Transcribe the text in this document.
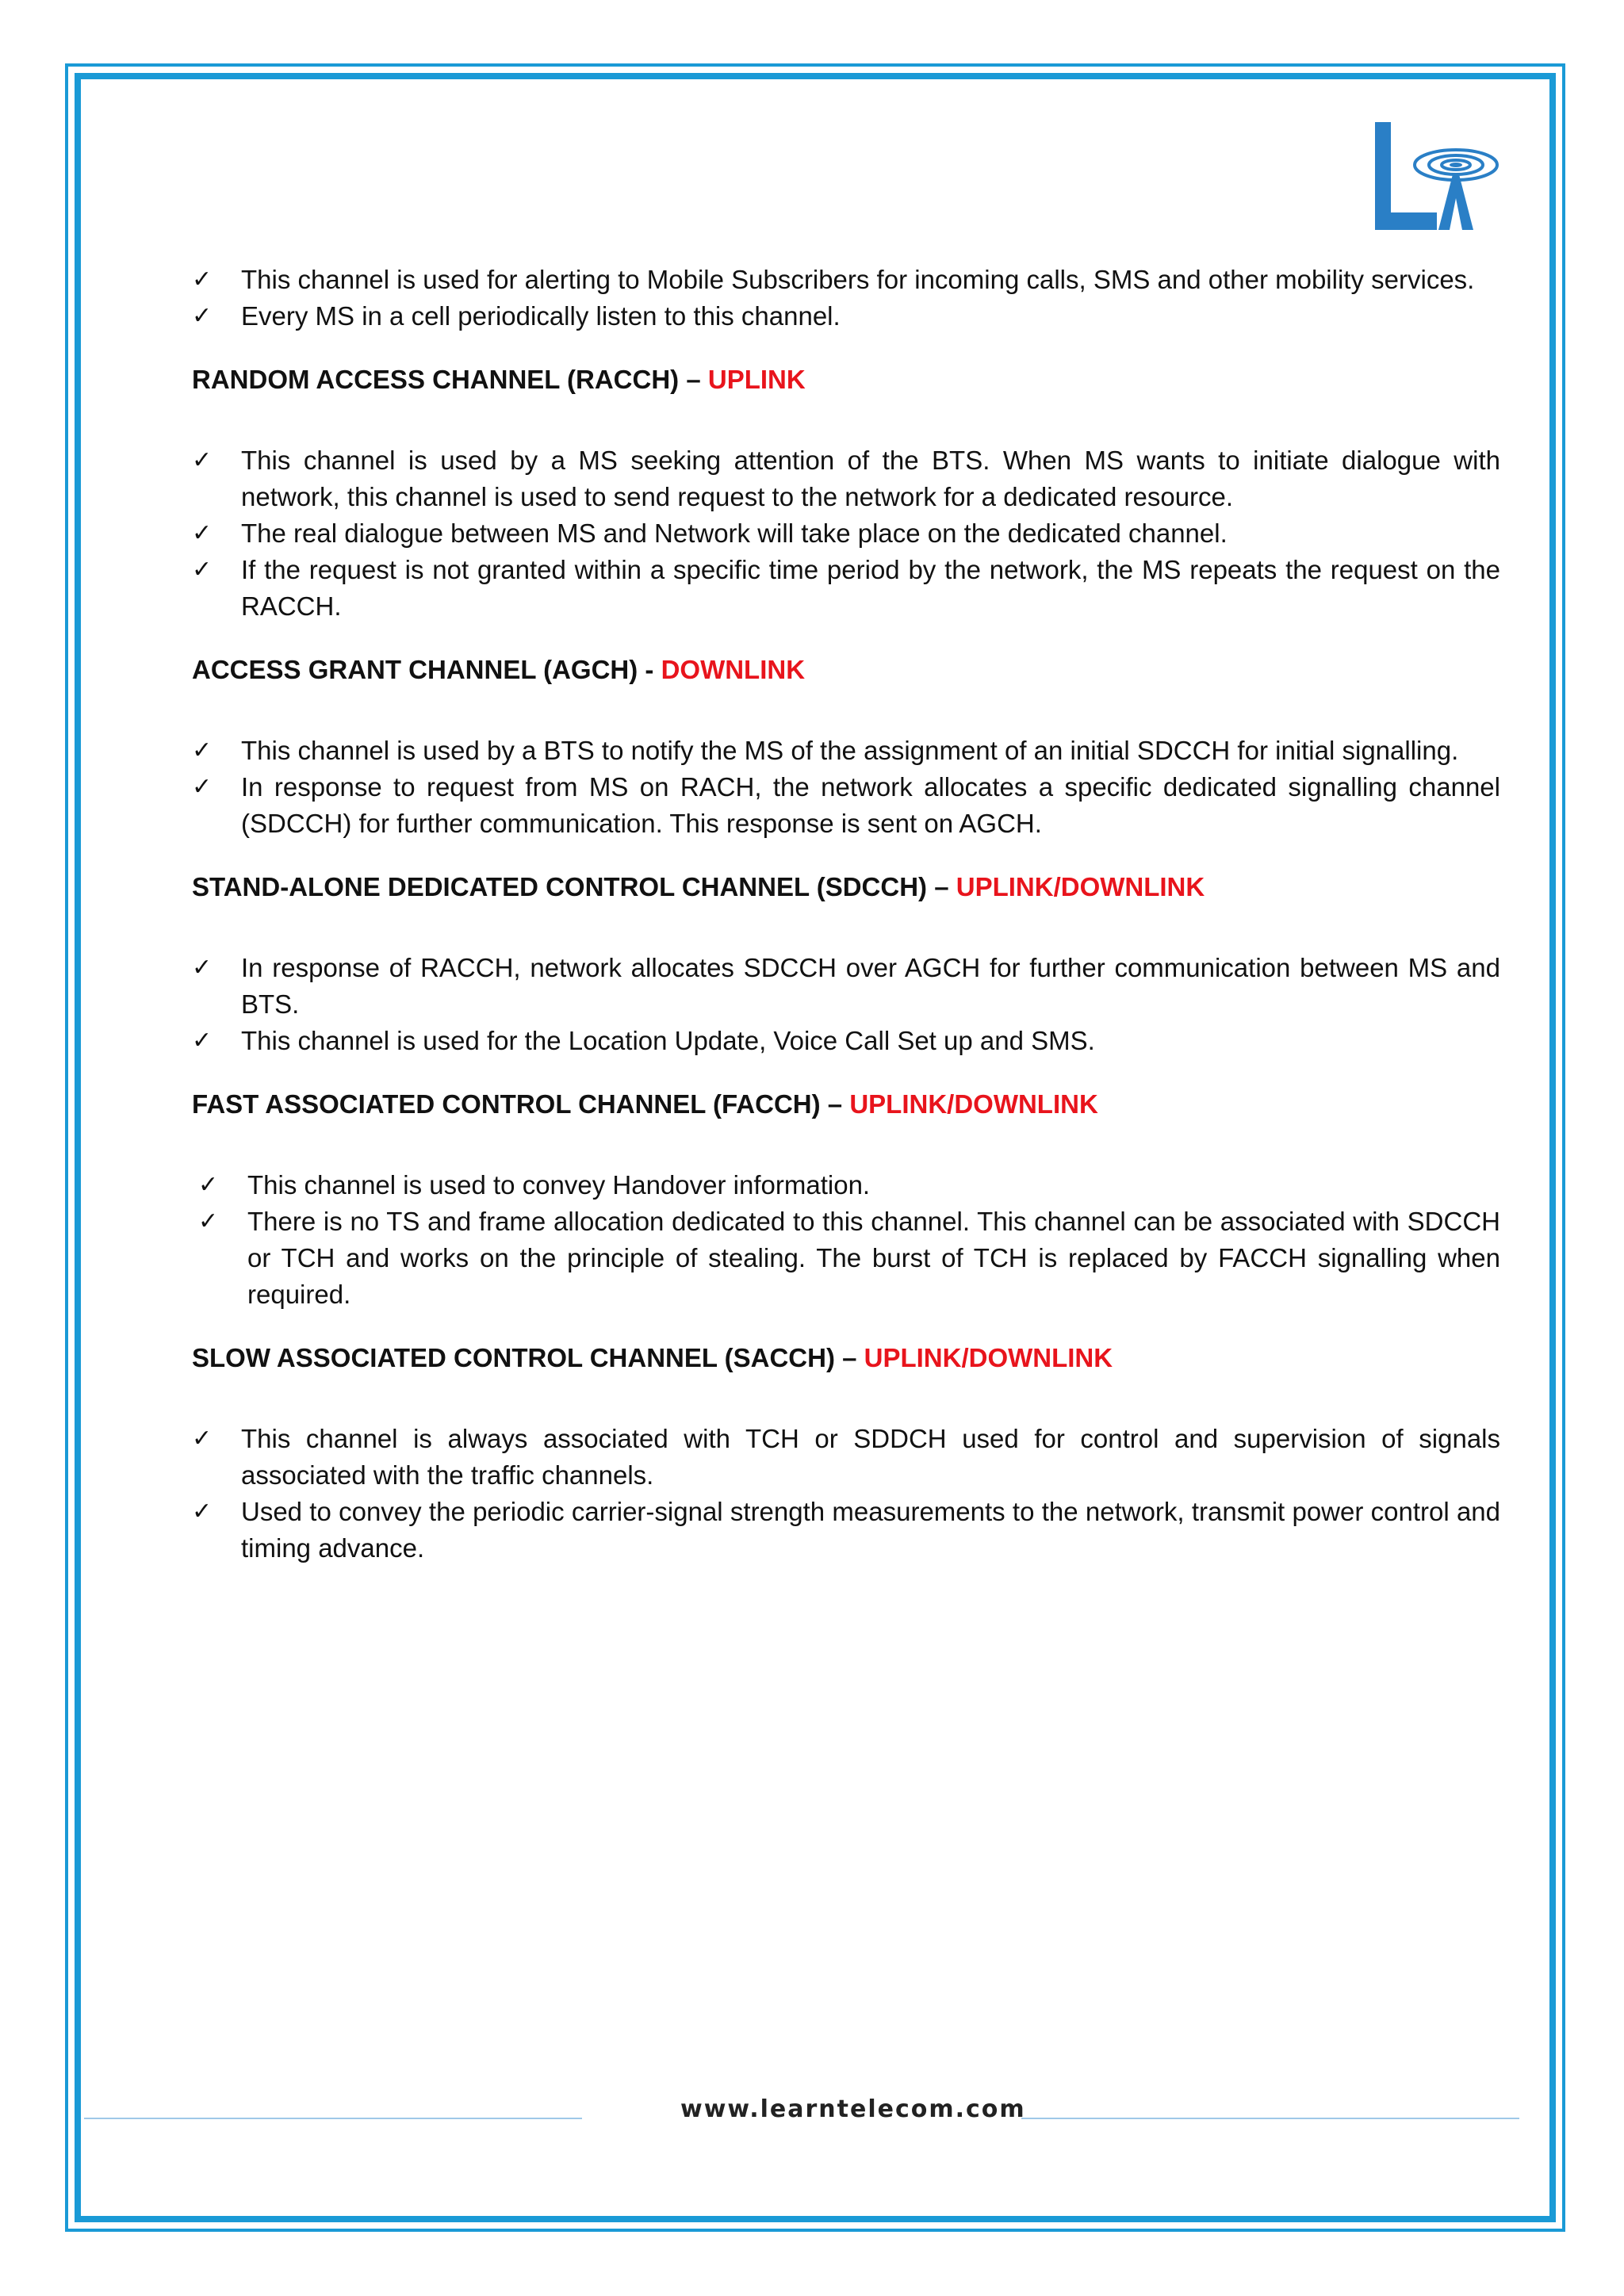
✓ This channel is used for alerting to Mobile Subscribers for incoming calls, SMS and other mobility services.
✓ Every MS in a cell periodically listen to this channel.
RANDOM ACCESS CHANNEL (RACCH) – UPLINK
✓ This channel is used by a MS seeking attention of the BTS. When MS wants to initiate dialogue with network, this channel is used to send request to the network for a dedicated resource.
✓ The real dialogue between MS and Network will take place on the dedicated channel.
✓ If the request is not granted within a specific time period by the network, the MS repeats the request on the RACCH.
ACCESS GRANT CHANNEL (AGCH) - DOWNLINK
✓ This channel is used by a BTS to notify the MS of the assignment of an initial SDCCH for initial signalling.
✓ In response to request from MS on RACH, the network allocates a specific dedicated signalling channel (SDCCH) for further communication. This response is sent on AGCH.
STAND-ALONE DEDICATED CONTROL CHANNEL (SDCCH) – UPLINK/DOWNLINK
✓ In response of RACCH, network allocates SDCCH over AGCH for further communication between MS and BTS.
✓ This channel is used for the Location Update, Voice Call Set up and SMS.
FAST ASSOCIATED CONTROL CHANNEL (FACCH) – UPLINK/DOWNLINK
✓ This channel is used to convey Handover information.
✓ There is no TS and frame allocation dedicated to this channel. This channel can be associated with SDCCH or TCH and works on the principle of stealing. The burst of TCH is replaced by FACCH signalling when required.
SLOW ASSOCIATED CONTROL CHANNEL (SACCH) – UPLINK/DOWNLINK
✓ This channel is always associated with TCH or SDDCH used for control and supervision of signals associated with the traffic channels.
✓ Used to convey the periodic carrier-signal strength measurements to the network, transmit power control and timing advance.
www.learntelecom.com
